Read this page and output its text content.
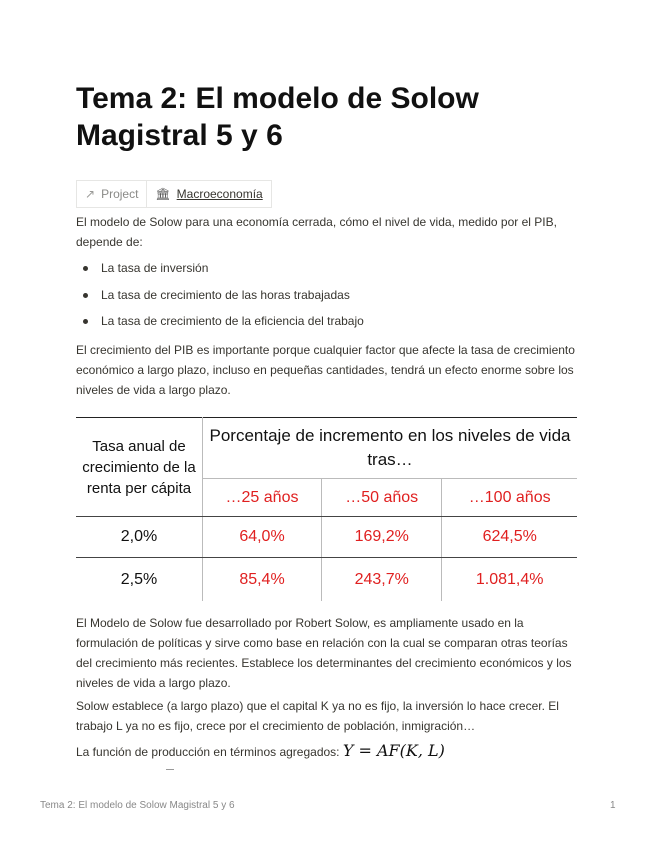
Tema 2: El modelo de Solow Magistral 5 y 6
↗ Project 🏛 Macroeconomía

El modelo de Solow para una economía cerrada, cómo el nivel de vida, medido por el PIB, depende de:

La tasa de inversión
La tasa de crecimiento de las horas trabajadas
La tasa de crecimiento de la eficiencia del trabajo

El crecimiento del PIB es importante porque cualquier factor que afecte la tasa de crecimiento económico a largo plazo, incluso en pequeñas cantidades, tendrá un efecto enorme sobre los niveles de vida a largo plazo.

Tasa anual de crecimiento de la renta per cápita	Porcentaje de incremento en los niveles de vida tras…		
	…25 años	…50 años	…100 años
2,0%	64,0%	169,2%	624,5%
2,5%	85,4%	243,7%	1.081,4%

El Modelo de Solow fue desarrollado por Robert Solow, es ampliamente usado en la formulación de políticas y sirve como base en relación con la cual se comparan otras teorías del crecimiento más recientes. Establece los determinantes del crecimiento económicos y los niveles de vida a largo plazo.

Solow establece (a largo plazo) que el capital K ya no es fijo, la inversión lo hace crecer. El trabajo L ya no es fijo, crece por el crecimiento de población, inmigración…

La función de producción en términos agregados: Y = AF(K, L)

Tema 2: El modelo de Solow Magistral 5 y 6	1
